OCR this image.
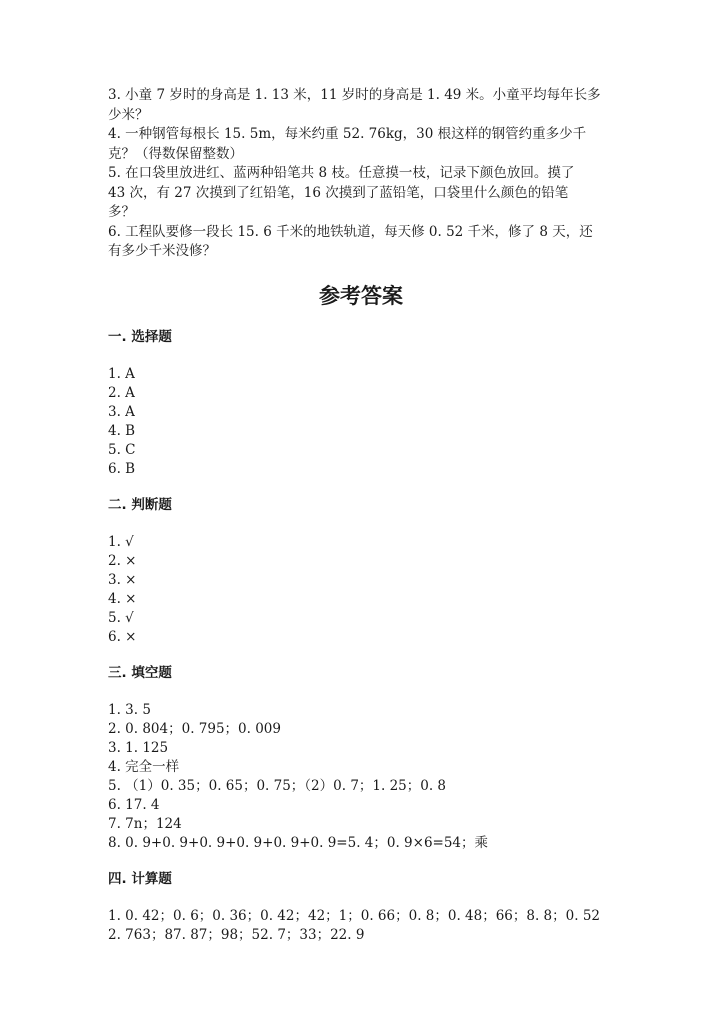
3. 小童 7 岁时的身高是 1. 13 米，11 岁时的身高是 1. 49 米。小童平均每年长多

少米？

4. 一种钢管每根长 15. 5m，每米约重 52. 76kg，30 根这样的钢管约重多少千

克？（得数保留整数）

5. 在口袋里放进红、蓝两种铅笔共 8 枝。任意摸一枝，记录下颜色放回。摸了

43 次，有 27 次摸到了红铅笔，16 次摸到了蓝铅笔，口袋里什么颜色的铅笔

多？

6. 工程队要修一段长 15. 6 千米的地铁轨道，每天修 0. 52 千米，修了 8 天，还

有多少千米没修？

参考答案
一. 选择题
1. A
2. A
3. A
4. B
5. C
6. B
二. 判断题
1. √
2. ×
3. ×
4. ×
5. √
6. ×
三. 填空题
1. 3. 5
2. 0. 804；0. 795；0. 009
3. 1. 125
4. 完全一样
5. （1）0. 35；0. 65；0. 75；（2）0. 7；1. 25；0. 8
6. 17. 4
7. 7n；124
8. 0. 9+0. 9+0. 9+0. 9+0. 9+0. 9=5. 4；0. 9×6=54；乘
四. 计算题
1. 0. 42；0. 6；0. 36；0. 42；42；1；0. 66；0. 8；0. 48；66；8. 8；0. 52
2. 763；87. 87；98；52. 7；33；22. 9
